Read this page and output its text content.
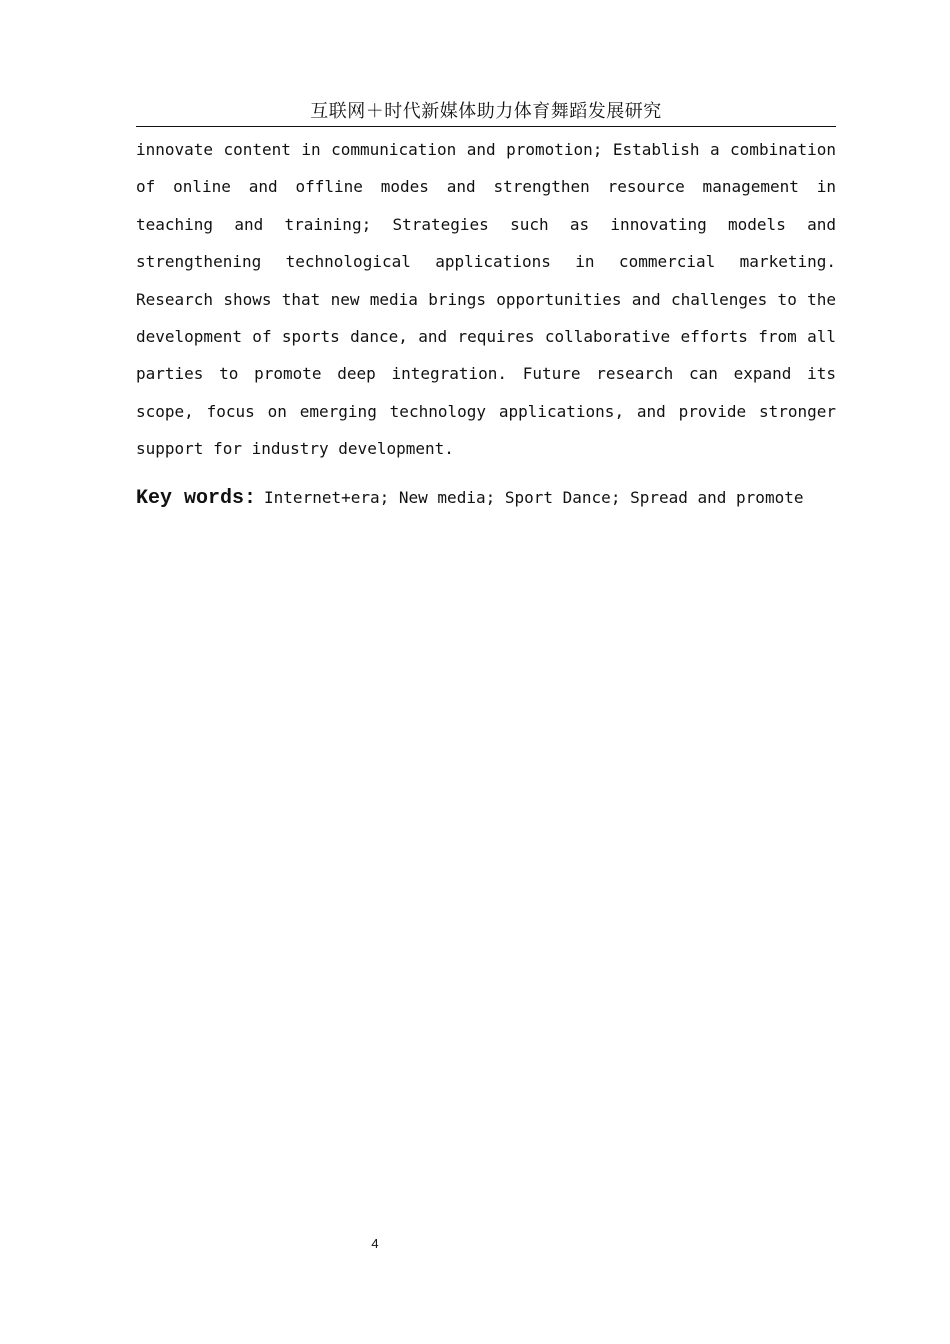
互联网＋时代新媒体助力体育舞蹈发展研究
innovate content in communication and promotion; Establish a combination
of online and offline modes and strengthen resource management in
teaching and training; Strategies such as innovating models and
strengthening technological applications in commercial marketing.
Research shows that new media brings opportunities and challenges to the
development of sports dance, and requires collaborative efforts from all
parties to promote deep integration. Future research can expand its
scope, focus on emerging technology applications, and provide stronger
support for industry development.
Key words: Internet+era; New media; Sport Dance; Spread and promote
4
